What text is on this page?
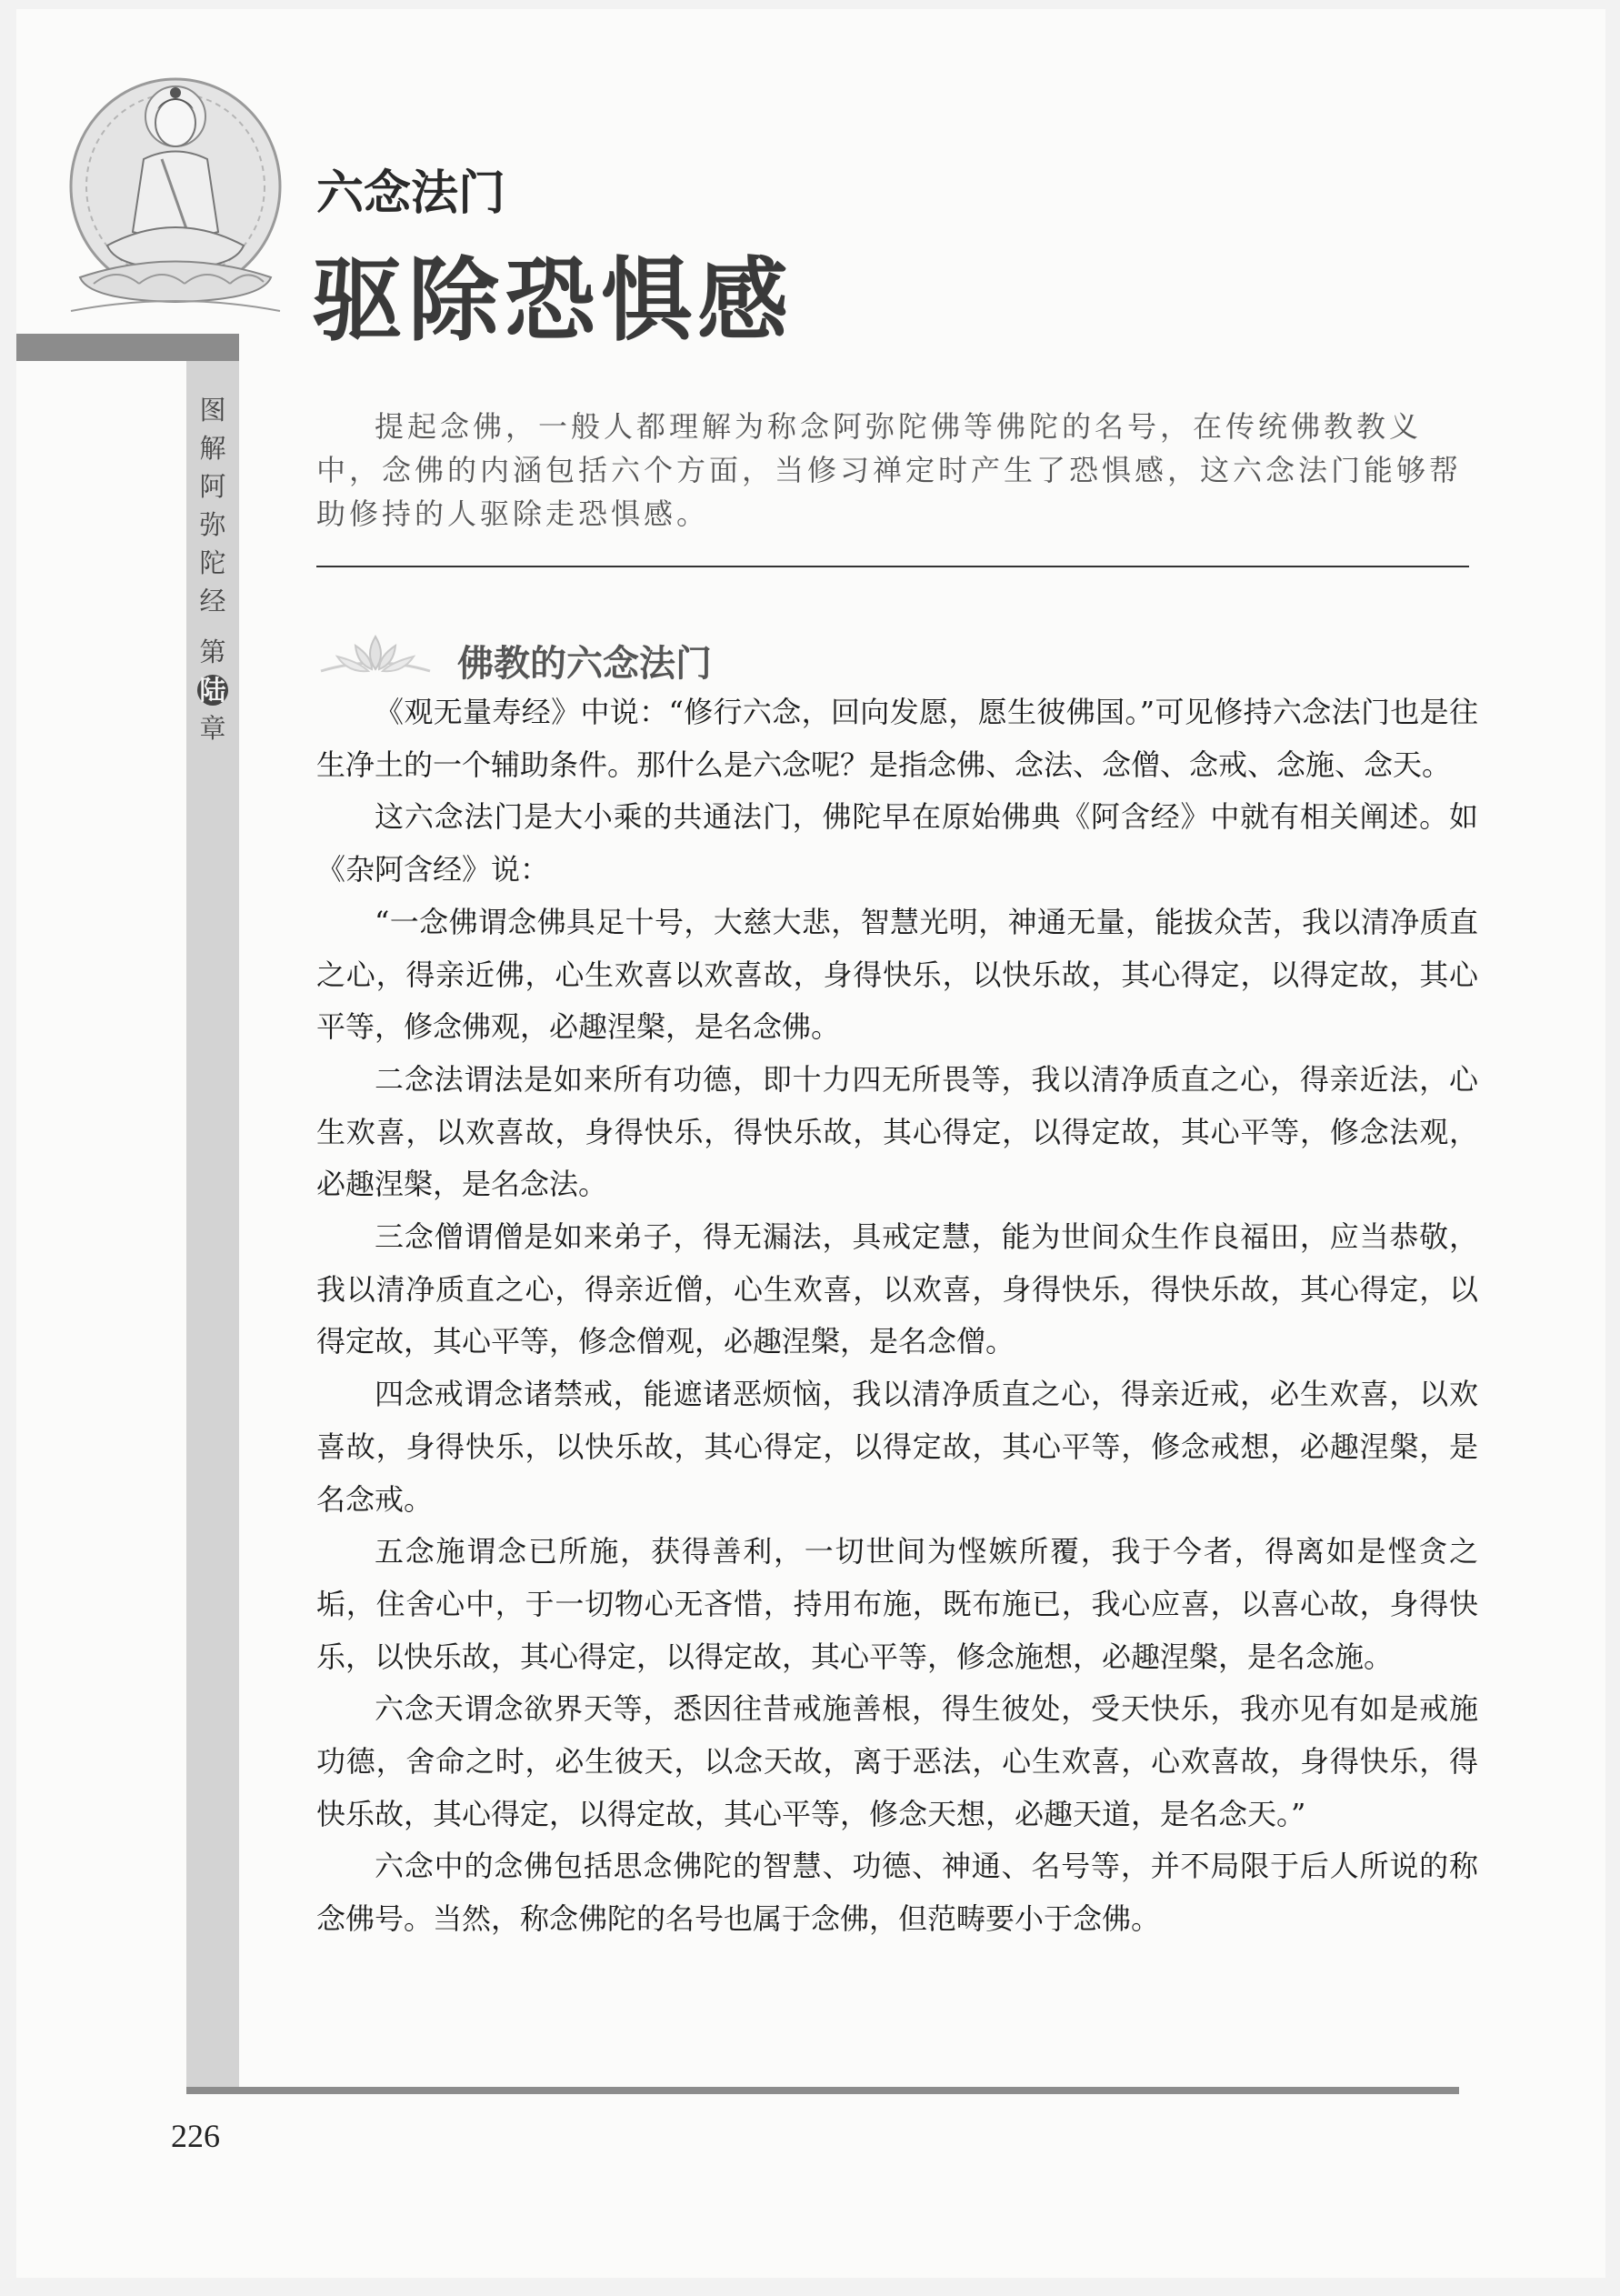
图
解
阿
弥
陀
经
第
陆
章
六念法门
驱除恐惧感
提起念佛，一般人都理解为称念阿弥陀佛等佛陀的名号，在传统佛教教义中，念佛的内涵包括六个方面，当修习禅定时产生了恐惧感，这六念法门能够帮助修持的人驱除走恐惧感。
佛教的六念法门

《观无量寿经》中说：“修行六念，回向发愿，愿生彼佛国。”可见修持六念法门也是往生净土的一个辅助条件。那什么是六念呢？是指念佛、念法、念僧、念戒、念施、念天。

这六念法门是大小乘的共通法门，佛陀早在原始佛典《阿含经》中就有相关阐述。如《杂阿含经》说：

“一念佛谓念佛具足十号，大慈大悲，智慧光明，神通无量，能拔众苦，我以清净质直之心，得亲近佛，心生欢喜以欢喜故，身得快乐，以快乐故，其心得定，以得定故，其心平等，修念佛观，必趣涅槃，是名念佛。

二念法谓法是如来所有功德，即十力四无所畏等，我以清净质直之心，得亲近法，心生欢喜，以欢喜故，身得快乐，得快乐故，其心得定，以得定故，其心平等，修念法观，必趣涅槃，是名念法。

三念僧谓僧是如来弟子，得无漏法，具戒定慧，能为世间众生作良福田，应当恭敬，我以清净质直之心，得亲近僧，心生欢喜，以欢喜，身得快乐，得快乐故，其心得定，以得定故，其心平等，修念僧观，必趣涅槃，是名念僧。

四念戒谓念诸禁戒，能遮诸恶烦恼，我以清净质直之心，得亲近戒，必生欢喜，以欢喜故，身得快乐，以快乐故，其心得定，以得定故，其心平等，修念戒想，必趣涅槃，是名念戒。

五念施谓念已所施，获得善利，一切世间为悭嫉所覆，我于今者，得离如是悭贪之垢，住舍心中，于一切物心无吝惜，持用布施，既布施已，我心应喜，以喜心故，身得快乐，以快乐故，其心得定，以得定故，其心平等，修念施想，必趣涅槃，是名念施。

六念天谓念欲界天等，悉因往昔戒施善根，得生彼处，受天快乐，我亦见有如是戒施功德，舍命之时，必生彼天，以念天故，离于恶法，心生欢喜，心欢喜故，身得快乐，得快乐故，其心得定，以得定故，其心平等，修念天想，必趣天道，是名念天。”

六念中的念佛包括思念佛陀的智慧、功德、神通、名号等，并不局限于后人所说的称念佛号。当然，称念佛陀的名号也属于念佛，但范畴要小于念佛。

226
